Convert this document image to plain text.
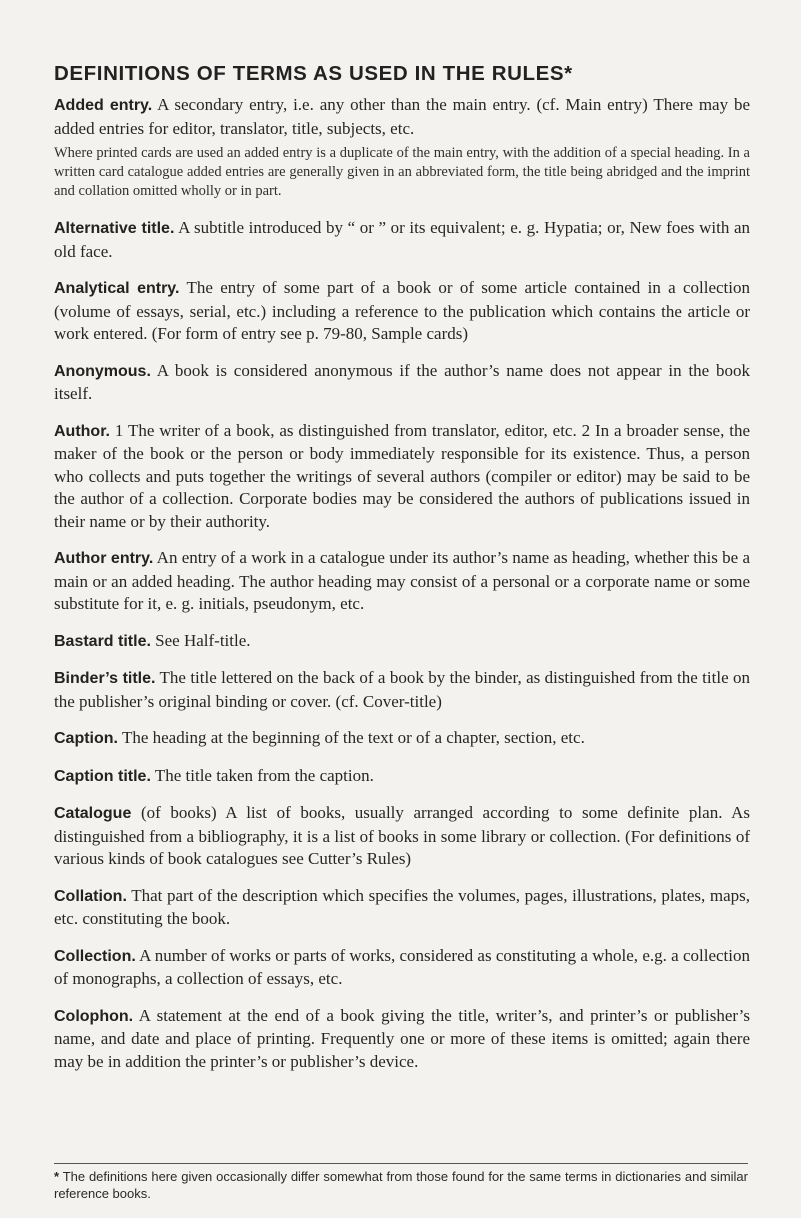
DEFINITIONS OF TERMS AS USED IN THE RULES*

Added entry. A secondary entry, i.e. any other than the main entry. (cf. Main entry) There may be added entries for editor, translator, title, subjects, etc.

Where printed cards are used an added entry is a duplicate of the main entry, with the addition of a special heading. In a written card catalogue added entries are generally given in an abbreviated form, the title being abridged and the imprint and collation omitted wholly or in part.

Alternative title. A subtitle introduced by “ or ” or its equivalent; e. g. Hypatia; or, New foes with an old face.

Analytical entry. The entry of some part of a book or of some article contained in a collection (volume of essays, serial, etc.) including a reference to the publication which contains the article or work entered. (For form of entry see p. 79-80, Sample cards)

Anonymous. A book is considered anonymous if the author’s name does not appear in the book itself.

Author. 1 The writer of a book, as distinguished from translator, editor, etc. 2 In a broader sense, the maker of the book or the person or body immediately responsible for its existence. Thus, a person who collects and puts together the writings of several authors (compiler or editor) may be said to be the author of a collection. Corporate bodies may be considered the authors of publications issued in their name or by their authority.

Author entry. An entry of a work in a catalogue under its author’s name as heading, whether this be a main or an added heading. The author heading may consist of a personal or a corporate name or some substitute for it, e. g. initials, pseudonym, etc.

Bastard title. See Half-title.

Binder’s title. The title lettered on the back of a book by the binder, as distinguished from the title on the publisher’s original binding or cover. (cf. Cover-title)

Caption. The heading at the beginning of the text or of a chapter, section, etc.

Caption title. The title taken from the caption.

Catalogue (of books) A list of books, usually arranged according to some definite plan. As distinguished from a bibliography, it is a list of books in some library or collection. (For definitions of various kinds of book catalogues see Cutter’s Rules)

Collation. That part of the description which specifies the volumes, pages, illustrations, plates, maps, etc. constituting the book.

Collection. A number of works or parts of works, considered as constituting a whole, e.g. a collection of monographs, a collection of essays, etc.

Colophon. A statement at the end of a book giving the title, writer’s, and printer’s or publisher’s name, and date and place of printing. Frequently one or more of these items is omitted; again there may be in addition the printer’s or publisher’s device.

* The definitions here given occasionally differ somewhat from those found for the same terms in dictionaries and similar reference books.
